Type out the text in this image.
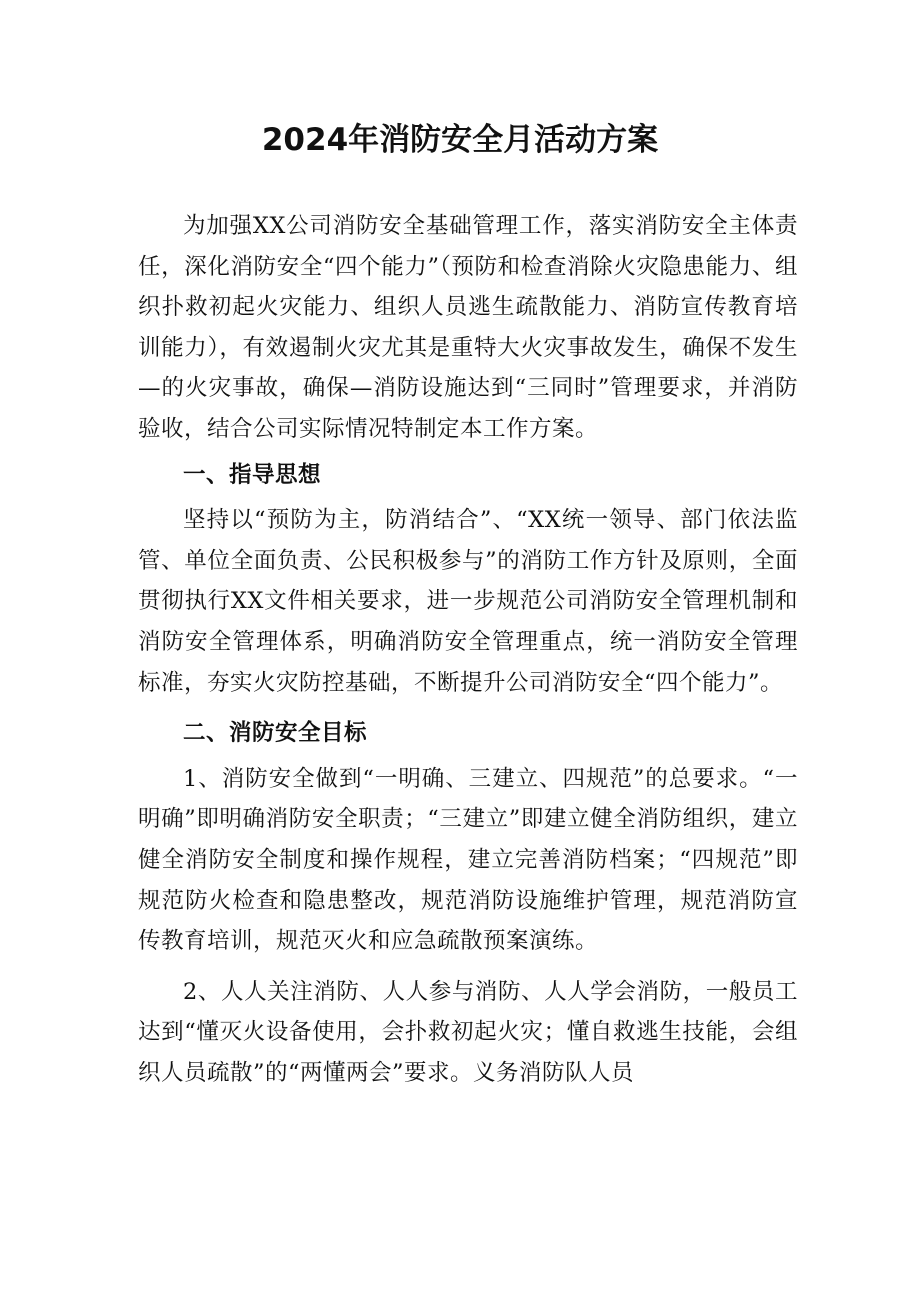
2024年消防安全月活动方案

为加强XX公司消防安全基础管理工作，落实消防安全主体责任，深化消防安全“四个能力”（预防和检查消除火灾隐患能力、组织扑救初起火灾能力、组织人员逃生疏散能力、消防宣传教育培训能力），有效遏制火灾尤其是重特大火灾事故发生，确保不发生—的火灾事故，确保—消防设施达到“三同时”管理要求，并消防验收，结合公司实际情况特制定本工作方案。

一、指导思想

坚持以“预防为主，防消结合”、“XX统一领导、部门依法监管、单位全面负责、公民积极参与”的消防工作方针及原则，全面贯彻执行XX文件相关要求，进一步规范公司消防安全管理机制和消防安全管理体系，明确消防安全管理重点，统一消防安全管理标准，夯实火灾防控基础，不断提升公司消防安全“四个能力”。

二、消防安全目标

1、消防安全做到“一明确、三建立、四规范”的总要求。“一明确”即明确消防安全职责；“三建立”即建立健全消防组织，建立健全消防安全制度和操作规程，建立完善消防档案；“四规范”即规范防火检查和隐患整改，规范消防设施维护管理，规范消防宣传教育培训，规范灭火和应急疏散预案演练。

2、人人关注消防、人人参与消防、人人学会消防，一般员工达到“懂灭火设备使用，会扑救初起火灾；懂自救逃生技能，会组织人员疏散”的“两懂两会”要求。义务消防队人员
